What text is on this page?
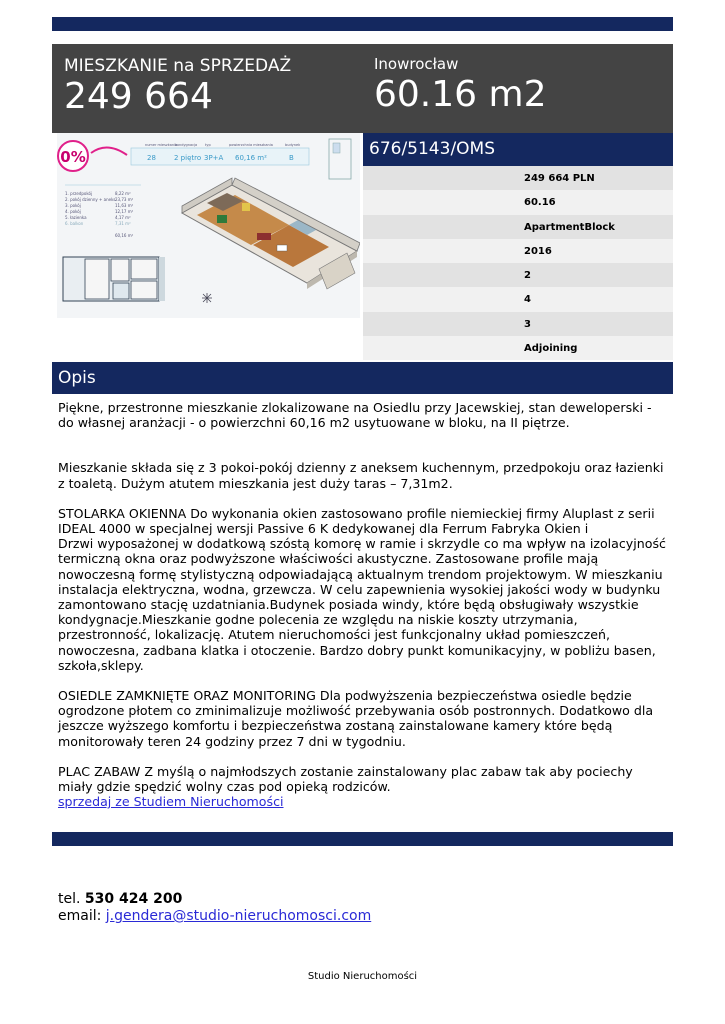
MIESZKANIE na SPRZEDAŻ
249 664
Inowrocław
60.16 m2
0%
numer mieszkania
kondygnacja typ	powierzchnia mieszkania	budynek
28	2 piętro 3P+A 60,16 m²	B
1. przedpokój	8,22 m²
2. pokój dzienny + aneks 23,73 m²
3. pokój	11,63 m²
4. pokój	12,17 m²
5. łazienka	4,17 m²
6. balkon	7,31 m²
60,16 m²
676/5143/OMS
249 664 PLN
60.16
ApartmentBlock
2016
2
4
3
Adjoining
Opis

Piękne, przestronne mieszkanie zlokalizowane na Osiedlu przy Jacewskiej, stan deweloperski - do własnej aranżacji - o powierzchni 60,16 m2 usytuowane w bloku, na II piętrze.

Mieszkanie składa się z 3 pokoi-pokój dzienny z aneksem kuchennym, przedpokoju oraz łazienki z toaletą. Dużym atutem mieszkania jest duży taras – 7,31m2.

STOLARKA OKIENNA Do wykonania okien zastosowano profile niemieckiej firmy Aluplast z serii IDEAL 4000 w specjalnej wersji Passive 6 K dedykowanej dla Ferrum Fabryka Okien i
Drzwi wyposażonej w dodatkową szóstą komorę w ramie i skrzydle co ma wpływ na izolacyjność termiczną okna oraz podwyższone właściwości akustyczne. Zastosowane profile mają nowoczesną formę stylistyczną odpowiadającą aktualnym trendom projektowym. W mieszkaniu instalacja elektryczna, wodna, grzewcza. W celu zapewnienia wysokiej jakości wody w budynku zamontowano stację uzdatniania.Budynek posiada windy, które będą obsługiwały wszystkie kondygnacje.Mieszkanie godne polecenia ze względu na niskie koszty utrzymania, przestronność, lokalizację. Atutem nieruchomości jest funkcjonalny układ pomieszczeń, nowoczesna, zadbana klatka i otoczenie. Bardzo dobry punkt komunikacyjny, w pobliżu basen, szkoła,sklepy.

OSIEDLE ZAMKNIĘTE ORAZ MONITORING Dla podwyższenia bezpieczeństwa osiedle będzie ogrodzone płotem co zminimalizuje możliwość przebywania osób postronnych. Dodatkowo dla jeszcze wyższego komfortu i bezpieczeństwa zostaną zainstalowane kamery które będą monitorowały teren 24 godziny przez 7 dni w tygodniu.

PLAC ZABAW Z myślą o najmłodszych zostanie zainstalowany plac zabaw tak aby pociechy miały gdzie spędzić wolny czas pod opieką rodziców.

sprzedaj ze Studiem Nieruchomości
tel. 530 424 200
email: j.gendera@studio-nieruchomosci.com
Studio Nieruchomości
